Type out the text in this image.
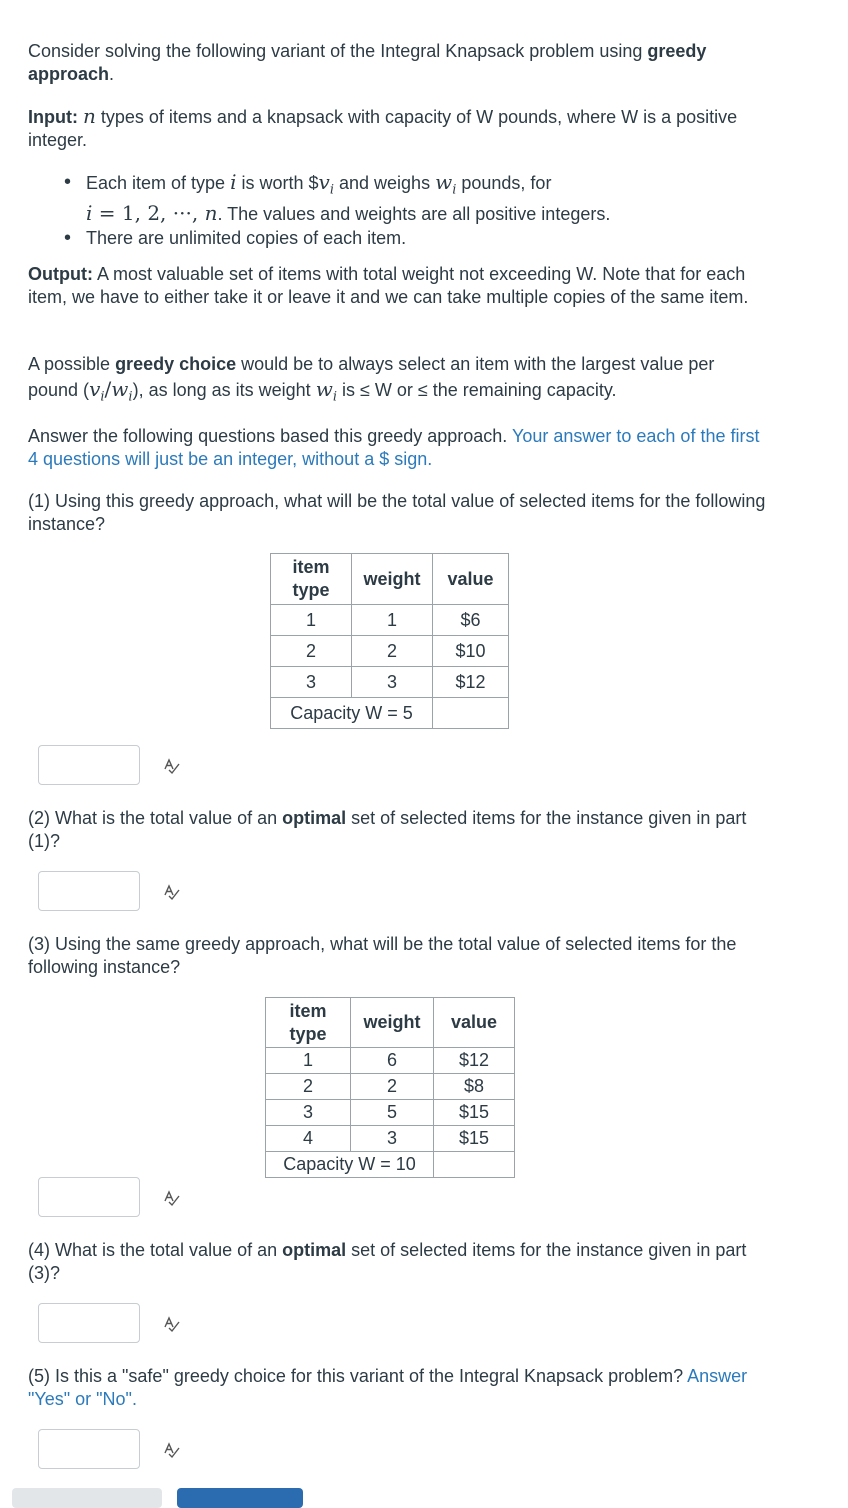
Consider solving the following variant of the Integral Knapsack problem using greedy approach.

Input: n types of items and a knapsack with capacity of W pounds, where W is a positive integer.

• Each item of type i is worth $\$v_i$ and weighs $w_i$ pounds, for
i = 1, 2, ···, n. The values and weights are all positive integers.
• There are unlimited copies of each item.

Output: A most valuable set of items with total weight not exceeding W. Note that for each item, we have to either take it or leave it and we can take multiple copies of the same item.

A possible greedy choice would be to always select an item with the largest value per pound $(v_i/w_i)$, as long as its weight $w_i$ is ≤ W or ≤ the remaining capacity.

Answer the following questions based this greedy approach. Your answer to each of the first 4 questions will just be an integer, without a $ sign.

(1) Using this greedy approach, what will be the total value of selected items for the following instance?

item
type	weight	value
1	1	$6
2	2	$10
3	3	$12
Capacity W = 5		

(2) What is the total value of an optimal set of selected items for the instance given in part (1)?

(3) Using the same greedy approach, what will be the total value of selected items for the following instance?

item
type	weight	value
1	6	$12
2	2	$8
3	5	$15
4	3	$15
Capacity W = 10		

(4) What is the total value of an optimal set of selected items for the instance given in part (3)?

(5) Is this a "safe" greedy choice for this variant of the Integral Knapsack problem? Answer "Yes" or "No".
